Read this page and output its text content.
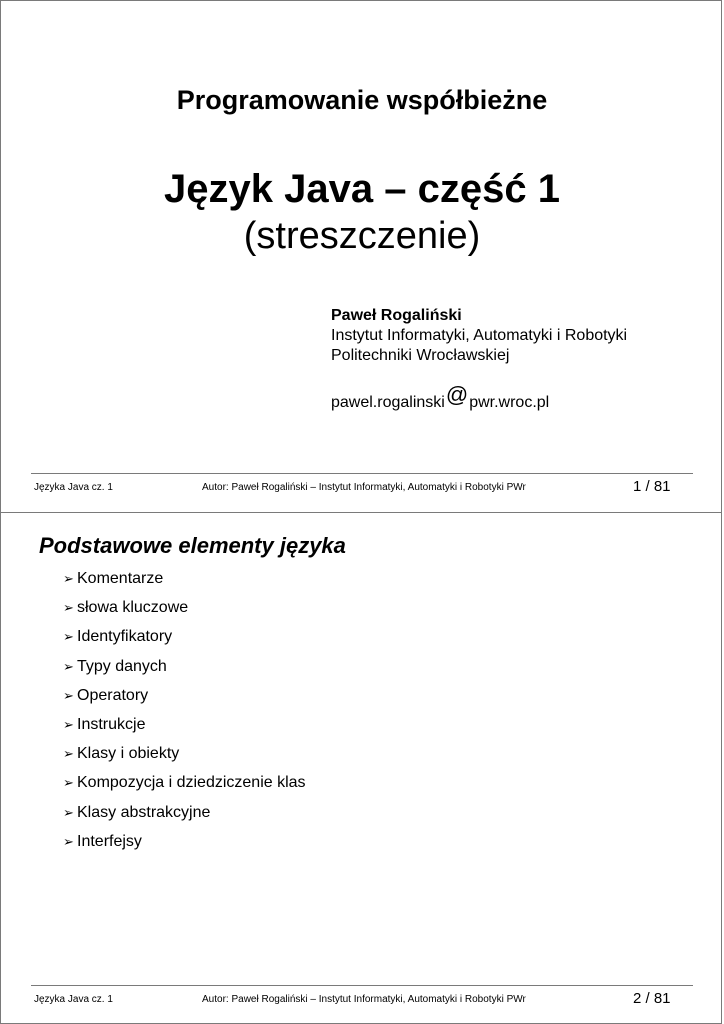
Programowanie współbieżne

Język Java – część 1

(streszczenie)

Paweł Rogaliński

Instytut Informatyki, Automatyki i Robotyki

Politechniki Wrocławskiej

pawel.rogalinski@pwr.wroc.pl

Języka Java cz. 1	Autor: Paweł Rogaliński – Instytut Informatyki, Automatyki i Robotyki PWr	1 / 81

Podstawowe elementy języka

➢ Komentarze
➢ słowa kluczowe
➢ Identyfikatory
➢ Typy danych
➢ Operatory
➢ Instrukcje
➢ Klasy i obiekty
➢ Kompozycja i dziedziczenie klas
➢ Klasy abstrakcyjne
➢ Interfejsy

Języka Java cz. 1	Autor: Paweł Rogaliński – Instytut Informatyki, Automatyki i Robotyki PWr	2 / 81
